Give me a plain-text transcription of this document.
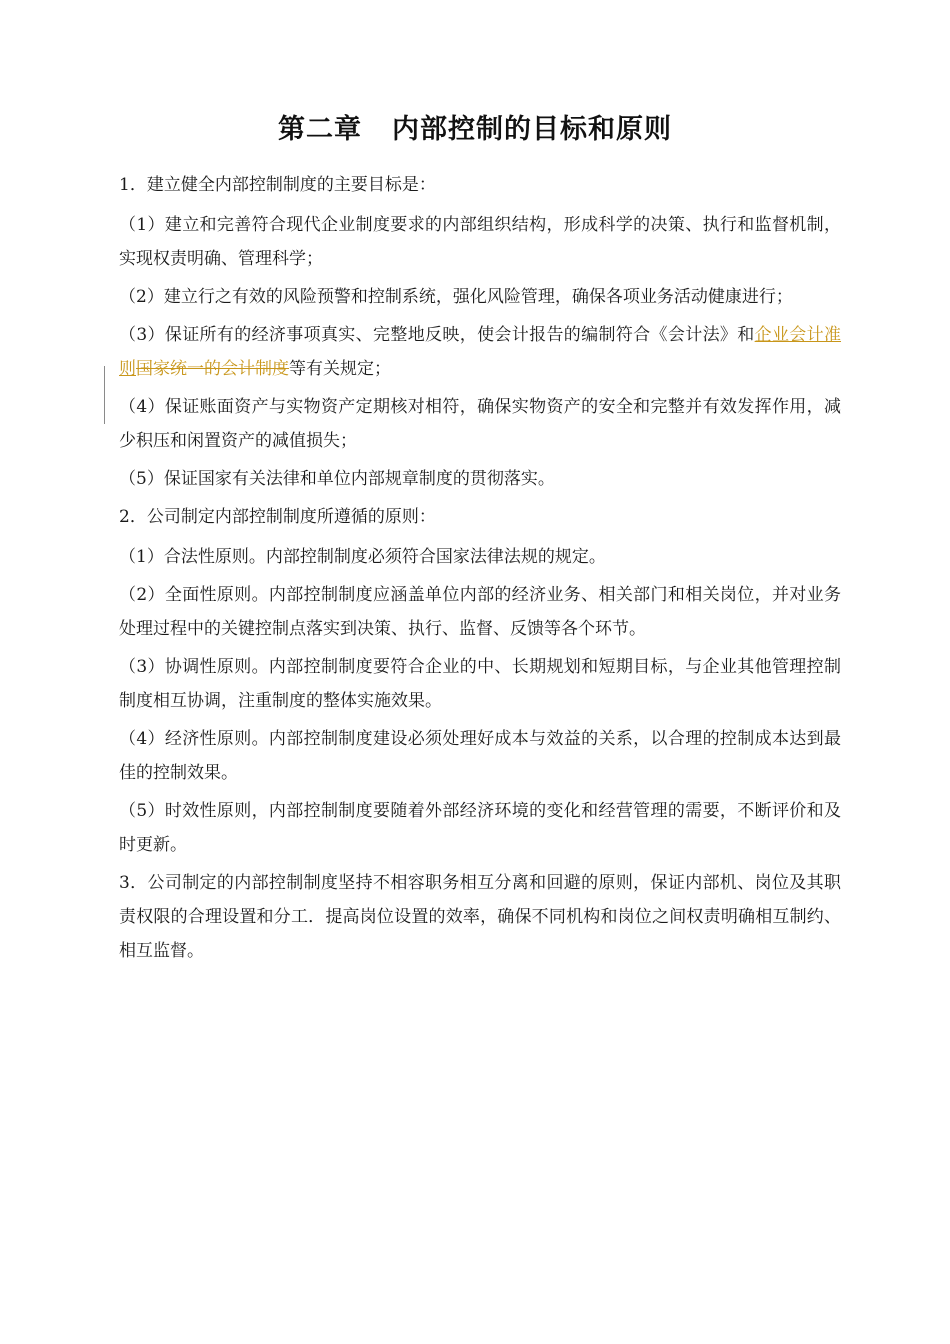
第二章 内部控制的目标和原则

1．建立健全内部控制制度的主要目标是：

（1）建立和完善符合现代企业制度要求的内部组织结构，形成科学的决策、执行和监督机制，实现权责明确、管理科学；

（2）建立行之有效的风险预警和控制系统，强化风险管理，确保各项业务活动健康进行；

（3）保证所有的经济事项真实、完整地反映，使会计报告的编制符合《会计法》和企业会计准则国家统一的会计制度等有关规定；

（4）保证账面资产与实物资产定期核对相符，确保实物资产的安全和完整并有效发挥作用，减少积压和闲置资产的减值损失；

（5）保证国家有关法律和单位内部规章制度的贯彻落实。

2．公司制定内部控制制度所遵循的原则：

（1）合法性原则。内部控制制度必须符合国家法律法规的规定。

（2）全面性原则。内部控制制度应涵盖单位内部的经济业务、相关部门和相关岗位，并对业务处理过程中的关键控制点落实到决策、执行、监督、反馈等各个环节。

（3）协调性原则。内部控制制度要符合企业的中、长期规划和短期目标，与企业其他管理控制制度相互协调，注重制度的整体实施效果。

（4）经济性原则。内部控制制度建设必须处理好成本与效益的关系，以合理的控制成本达到最佳的控制效果。

（5）时效性原则，内部控制制度要随着外部经济环境的变化和经营管理的需要，不断评价和及时更新。

3．公司制定的内部控制制度坚持不相容职务相互分离和回避的原则，保证内部机、岗位及其职责权限的合理设置和分工．提高岗位设置的效率，确保不同机构和岗位之间权责明确相互制约、相互监督。
